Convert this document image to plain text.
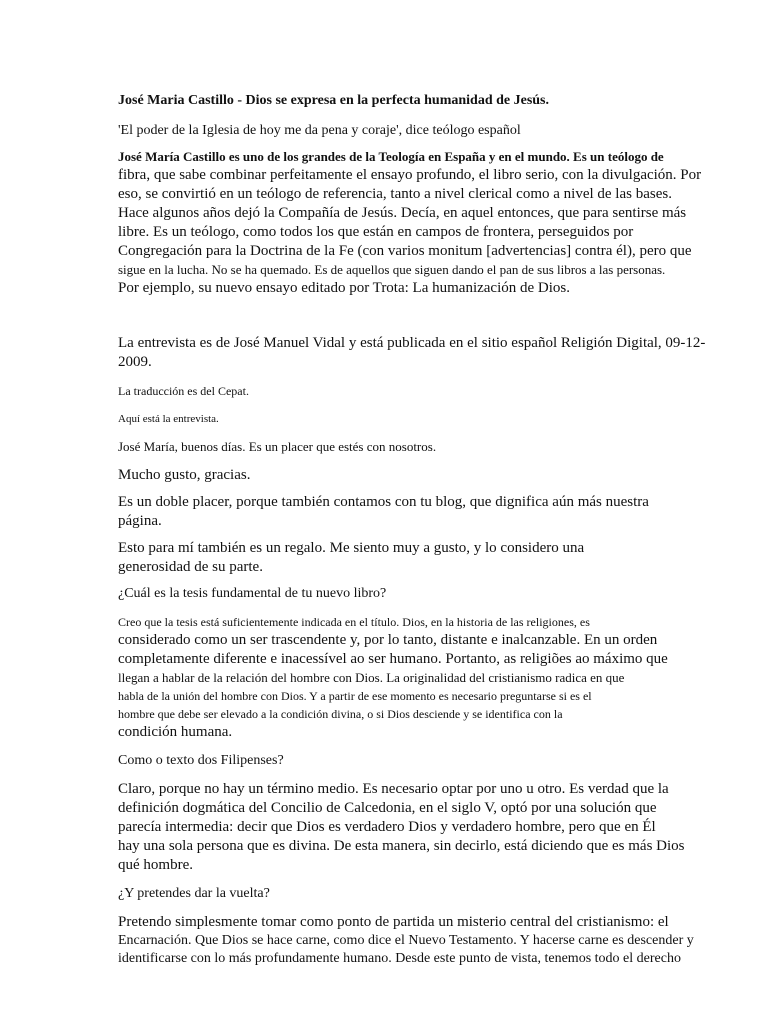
José Maria Castillo - Dios se expresa en la perfecta humanidad de Jesús.
'El poder de la Iglesia de hoy me da pena y coraje', dice teólogo español
José María Castillo es uno de los grandes de la Teología en España y en el mundo. Es un teólogo de
fibra, que sabe combinar perfeitamente el ensayo profundo, el libro serio, con la divulgación. Por
eso, se convirtió en un teólogo de referencia, tanto a nivel clerical como a nivel de las bases.
Hace algunos años dejó la Compañía de Jesús. Decía, en aquel entonces, que para sentirse más
libre. Es un teólogo, como todos los que están en campos de frontera, perseguidos por
Congregación para la Doctrina de la Fe (con varios monitum [advertencias] contra él), pero que
sigue en la lucha. No se ha quemado. Es de aquellos que siguen dando el pan de sus libros a las personas.
Por ejemplo, su nuevo ensayo editado por Trota: La humanización de Dios.
La entrevista es de José Manuel Vidal y está publicada en el sitio español Religión Digital, 09-12-
2009.
La traducción es del Cepat.
Aquí está la entrevista.
José María, buenos días. Es un placer que estés con nosotros.
Mucho gusto, gracias.
Es un doble placer, porque también contamos con tu blog, que dignifica aún más nuestra
página.
Esto para mí también es un regalo. Me siento muy a gusto, y lo considero una
generosidad de su parte.
¿Cuál es la tesis fundamental de tu nuevo libro?
Creo que la tesis está suficientemente indicada en el título. Dios, en la historia de las religiones, es
considerado como un ser trascendente y, por lo tanto, distante e inalcanzable. En un orden
completamente diferente e inacessível ao ser humano. Portanto, as religiões ao máximo que
llegan a hablar de la relación del hombre con Dios. La originalidad del cristianismo radica en que
habla de la unión del hombre con Dios. Y a partir de ese momento es necesario preguntarse si es el
hombre que debe ser elevado a la condición divina, o si Dios desciende y se identifica con la
condición humana.
Como o texto dos Filipenses?
Claro, porque no hay un término medio. Es necesario optar por uno u otro. Es verdad que la
definición dogmática del Concilio de Calcedonia, en el siglo V, optó por una solución que
parecía intermedia: decir que Dios es verdadero Dios y verdadero hombre, pero que en Él
hay una sola persona que es divina. De esta manera, sin decirlo, está diciendo que es más Dios
qué hombre.
¿Y pretendes dar la vuelta?
Pretendo simplesmente tomar como ponto de partida un misterio central del cristianismo: el
Encarnación. Que Dios se hace carne, como dice el Nuevo Testamento. Y hacerse carne es descender y
identificarse con lo más profundamente humano. Desde este punto de vista, tenemos todo el derecho
